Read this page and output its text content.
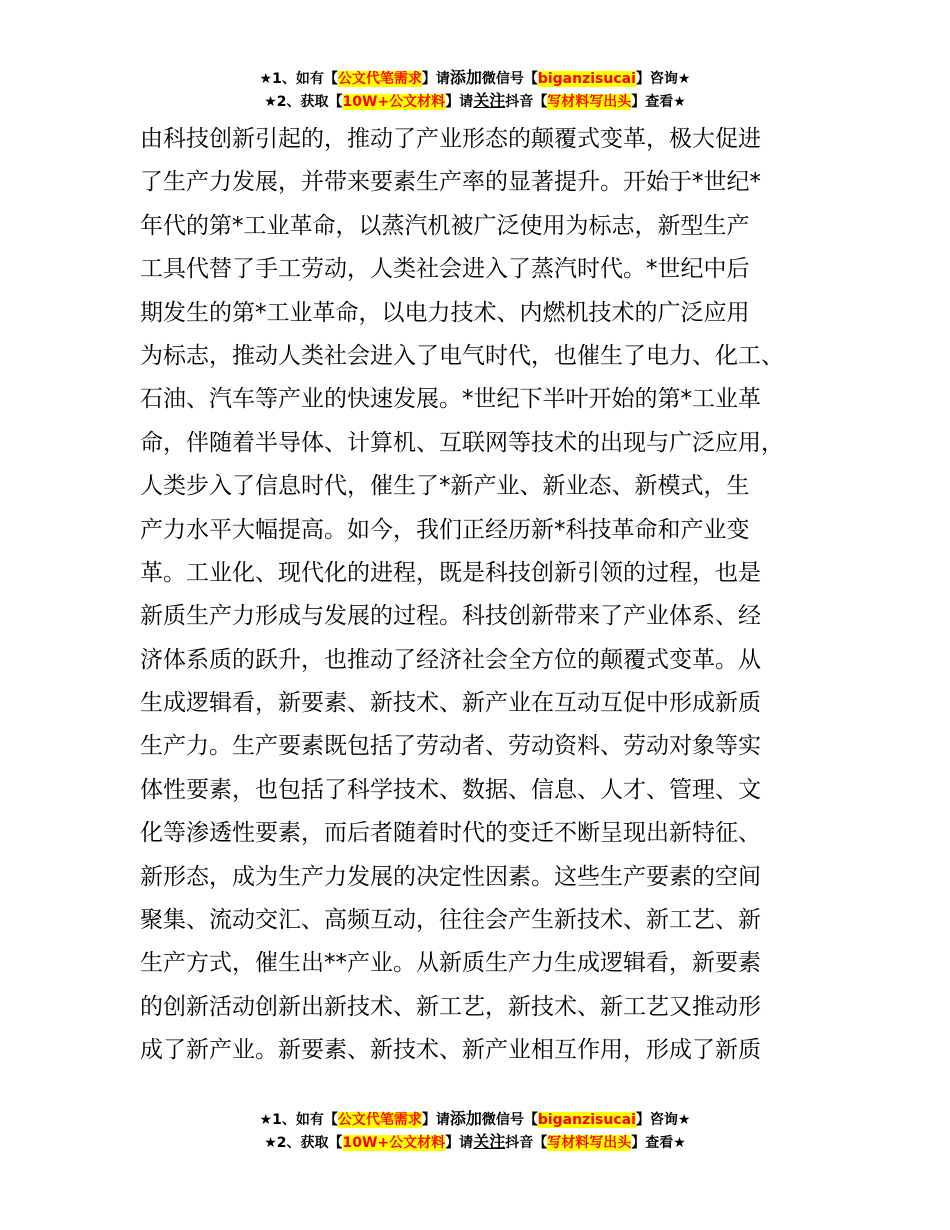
★1、如有【公文代笔需求】请添加微信号【biganzisucai】咨询★
★2、获取【10W+公文材料】请关注抖音【写材料写出头】查看★
由科技创新引起的，推动了产业形态的颠覆式变革，极大促进
了生产力发展，并带来要素生产率的显著提升。开始于*世纪*
年代的第*工业革命，以蒸汽机被广泛使用为标志，新型生产
工具代替了手工劳动，人类社会进入了蒸汽时代。*世纪中后
期发生的第*工业革命，以电力技术、内燃机技术的广泛应用
为标志，推动人类社会进入了电气时代，也催生了电力、化工、
石油、汽车等产业的快速发展。*世纪下半叶开始的第*工业革
命，伴随着半导体、计算机、互联网等技术的出现与广泛应用，
人类步入了信息时代，催生了*新产业、新业态、新模式，生
产力水平大幅提高。如今，我们正经历新*科技革命和产业变
革。工业化、现代化的进程，既是科技创新引领的过程，也是
新质生产力形成与发展的过程。科技创新带来了产业体系、经
济体系质的跃升，也推动了经济社会全方位的颠覆式变革。从
生成逻辑看，新要素、新技术、新产业在互动互促中形成新质
生产力。生产要素既包括了劳动者、劳动资料、劳动对象等实
体性要素，也包括了科学技术、数据、信息、人才、管理、文
化等渗透性要素，而后者随着时代的变迁不断呈现出新特征、
新形态，成为生产力发展的决定性因素。这些生产要素的空间
聚集、流动交汇、高频互动，往往会产生新技术、新工艺、新
生产方式，催生出**产业。从新质生产力生成逻辑看，新要素
的创新活动创新出新技术、新工艺，新技术、新工艺又推动形
成了新产业。新要素、新技术、新产业相互作用，形成了新质
★1、如有【公文代笔需求】请添加微信号【biganzisucai】咨询★
★2、获取【10W+公文材料】请关注抖音【写材料写出头】查看★
